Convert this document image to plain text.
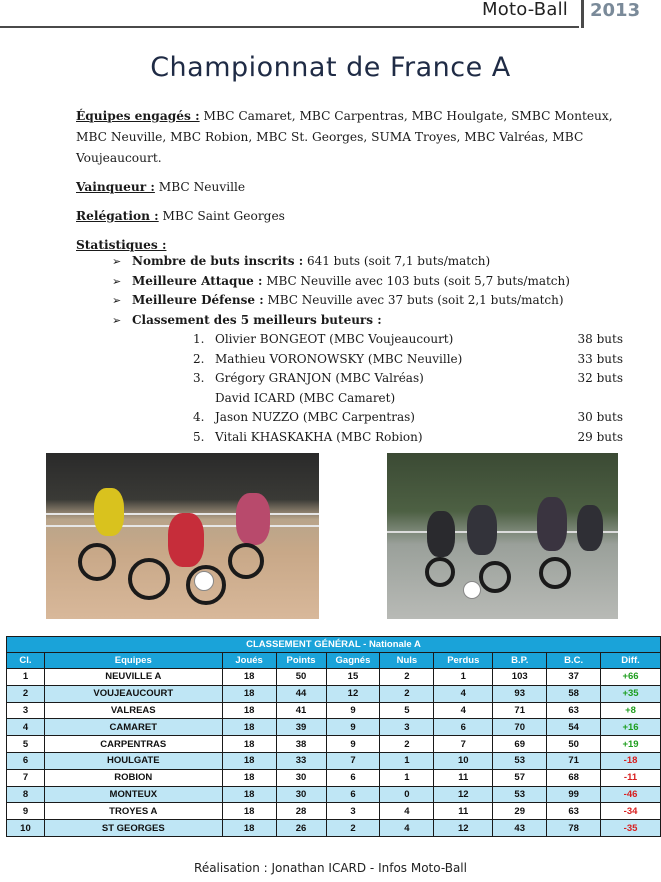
Moto-Ball 2013
Championnat de France A

Équipes engagés : MBC Camaret, MBC Carpentras, MBC Houlgate, SMBC Monteux, MBC Neuville, MBC Robion, MBC St. Georges, SUMA Troyes, MBC Valréas, MBC Voujeaucourt.

Vainqueur : MBC Neuville

Relégation : MBC Saint Georges

Statistiques :

➢ Nombre de buts inscrits : 641 buts (soit 7,1 buts/match)
➢ Meilleure Attaque : MBC Neuville avec 103 buts (soit 5,7 buts/match)
➢ Meilleure Défense : MBC Neuville avec 37 buts (soit 2,1 buts/match)
➢ Classement des 5 meilleurs buteurs :
1. Olivier BONGEOT (MBC Voujeaucourt)	38 buts
2. Mathieu VORONOWSKY (MBC Neuville)	33 buts
3. Grégory GRANJON (MBC Valréas)	32 buts
David ICARD (MBC Camaret)
4. Jason NUZZO (MBC Carpentras)	30 buts
5. Vitali KHASKAKHA (MBC Robion)	29 buts
CLASSEMENT GÉNÉRAL - Nationale A
Cl.	Equipes	Joués	Points	Gagnés	Nuls	Perdus	B.P.	B.C.	Diff.
1	NEUVILLE A	18	50	15	2	1	103	37	+66
2	VOUJEAUCOURT	18	44	12	2	4	93	58	+35
3	VALREAS	18	41	9	5	4	71	63	+8
4	CAMARET	18	39	9	3	6	70	54	+16
5	CARPENTRAS	18	38	9	2	7	69	50	+19
6	HOULGATE	18	33	7	1	10	53	71	-18
7	ROBION	18	30	6	1	11	57	68	-11
8	MONTEUX	18	30	6	0	12	53	99	-46
9	TROYES A	18	28	3	4	11	29	63	-34
10	ST GEORGES	18	26	2	4	12	43	78	-35
Réalisation : Jonathan ICARD - Infos Moto-Ball
